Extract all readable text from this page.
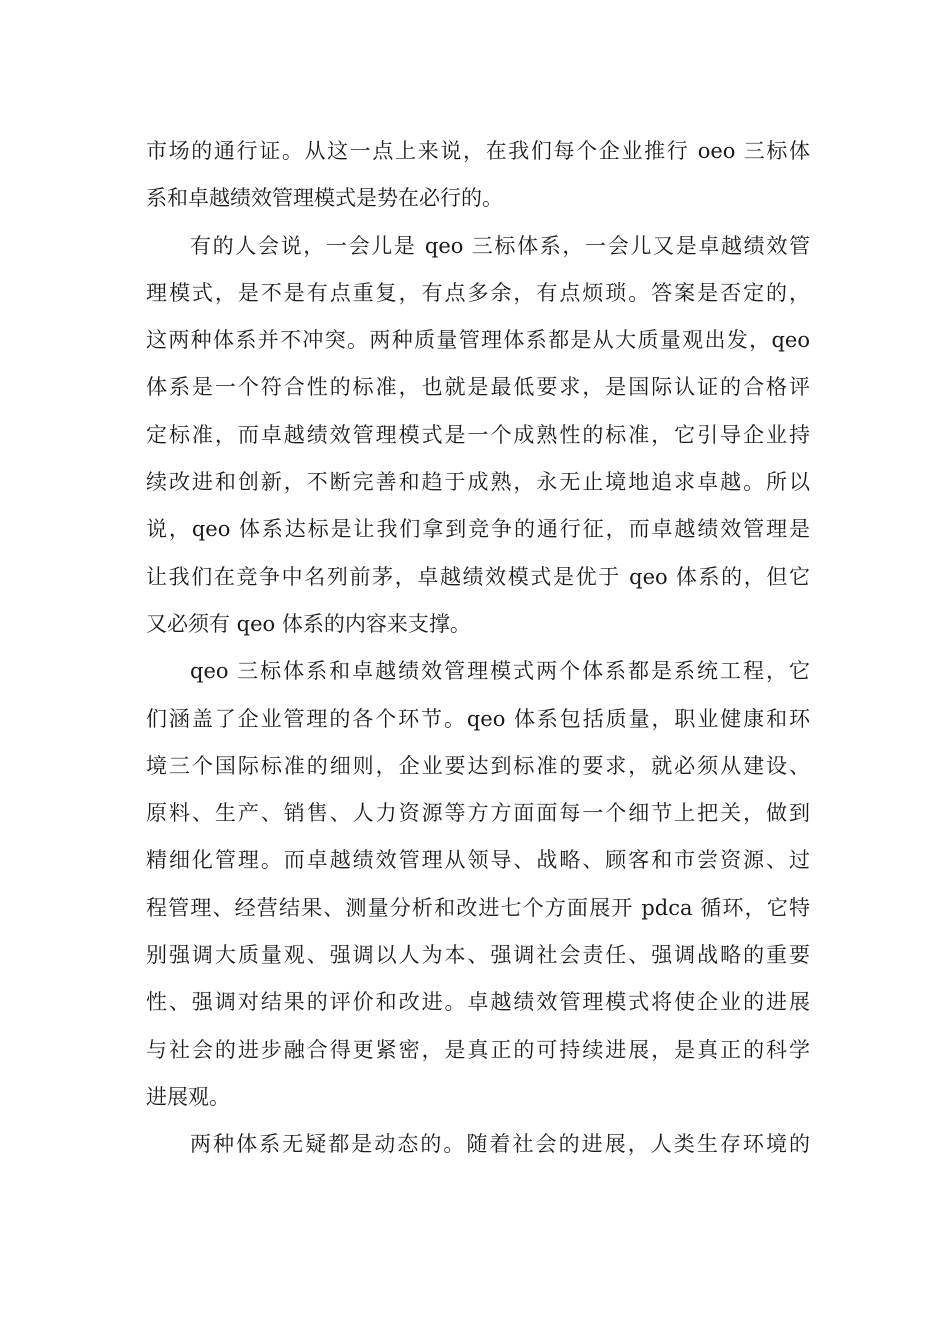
市场的通行证。从这一点上来说，在我们每个企业推行 oeo 三标体
系和卓越绩效管理模式是势在必行的。
有的人会说，一会儿是 qeo 三标体系，一会儿又是卓越绩效管
理模式，是不是有点重复，有点多余，有点烦琐。答案是否定的，
这两种体系并不冲突。两种质量管理体系都是从大质量观出发，qeo
体系是一个符合性的标准，也就是最低要求，是国际认证的合格评
定标准，而卓越绩效管理模式是一个成熟性的标准，它引导企业持
续改进和创新，不断完善和趋于成熟，永无止境地追求卓越。所以
说，qeo 体系达标是让我们拿到竞争的通行征，而卓越绩效管理是
让我们在竞争中名列前茅，卓越绩效模式是优于 qeo 体系的，但它
又必须有 qeo 体系的内容来支撑。
qeo 三标体系和卓越绩效管理模式两个体系都是系统工程，它
们涵盖了企业管理的各个环节。qeo 体系包括质量，职业健康和环
境三个国际标准的细则，企业要达到标准的要求，就必须从建设、
原料、生产、销售、人力资源等方方面面每一个细节上把关，做到
精细化管理。而卓越绩效管理从领导、战略、顾客和市尝资源、过
程管理、经营结果、测量分析和改进七个方面展开 pdca 循环，它特
别强调大质量观、强调以人为本、强调社会责任、强调战略的重要
性、强调对结果的评价和改进。卓越绩效管理模式将使企业的进展
与社会的进步融合得更紧密，是真正的可持续进展，是真正的科学
进展观。
两种体系无疑都是动态的。随着社会的进展，人类生存环境的
